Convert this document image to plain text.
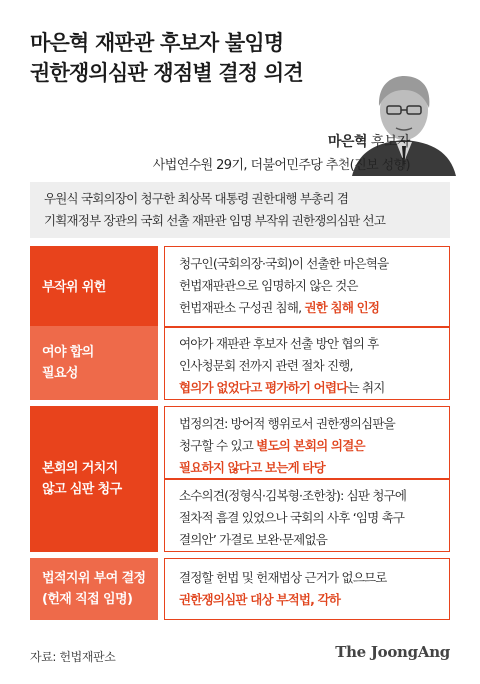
마은혁 재판관 후보자 불임명
권한쟁의심판 쟁점별 결정 의견
마은혁 후보자
사법연수원 29기, 더불어민주당 추천(진보 성향)
우원식 국회의장이 청구한 최상목 대통령 권한대행 부총리 겸
기획재정부 장관의 국회 선출 재판관 임명 부작위 권한쟁의심판 선고
부작위 위헌
청구인(국회의장·국회)이 선출한 마은혁을
헌법재판관으로 임명하지 않은 것은
헌법재판소 구성권 침해, 권한 침해 인정
여야 합의
필요성
여야가 재판관 후보자 선출 방안 협의 후
인사청문회 전까지 관련 절차 진행,
협의가 없었다고 평가하기 어렵다는 취지
본회의 거치지
않고 심판 청구
법정의견: 방어적 행위로서 권한쟁의심판을
청구할 수 있고 별도의 본회의 의결은
필요하지 않다고 보는게 타당
소수의견(정형식·김복형·조한창): 심판 청구에
절차적 흠결 있었으나 국회의 사후 ‘임명 촉구
결의안’ 가결로 보완·문제없음
법적지위 부여 결정
(헌재 직접 임명)
결정할 헌법 및 헌재법상 근거가 없으므로
권한쟁의심판 대상 부적법, 각하
자료: 헌법재판소	The JoongAng
